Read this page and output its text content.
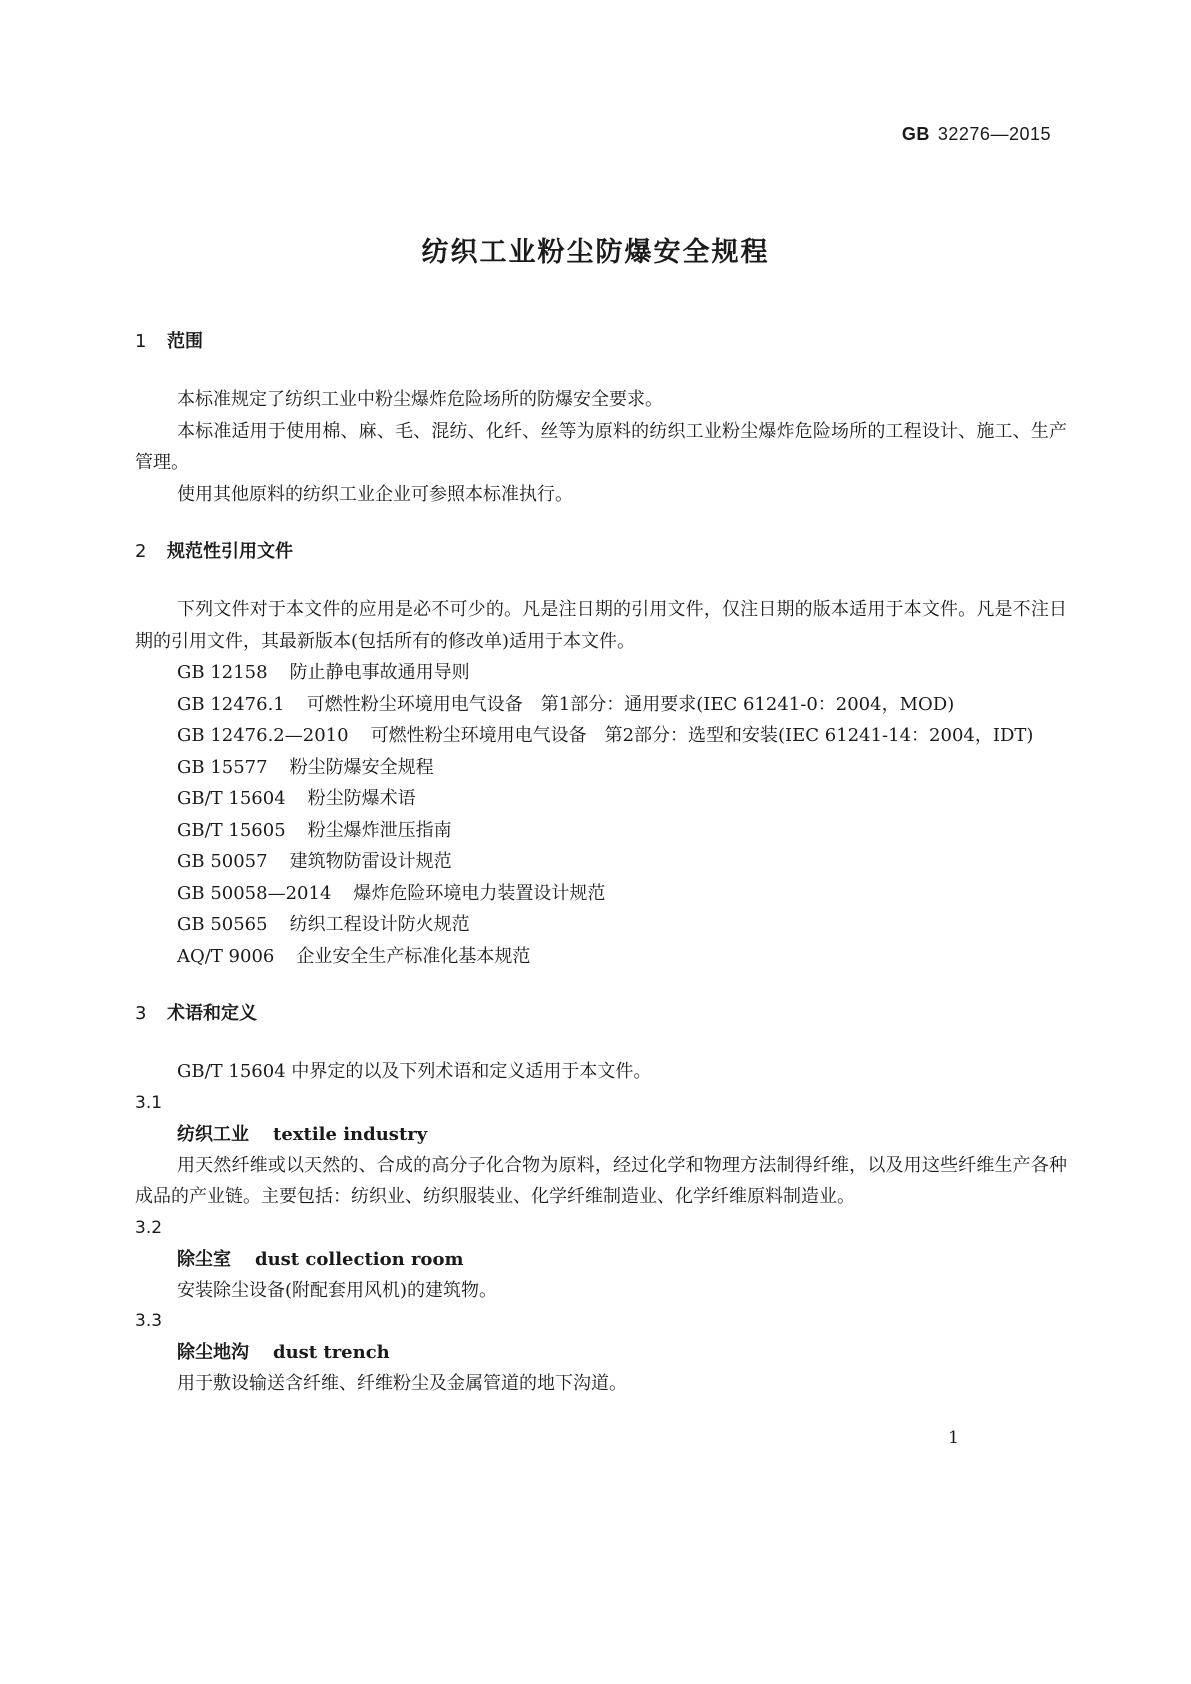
GB 32276—2015
纺织工业粉尘防爆安全规程
1 范围

本标准规定了纺织工业中粉尘爆炸危险场所的防爆安全要求。

本标准适用于使用棉、麻、毛、混纺、化纤、丝等为原料的纺织工业粉尘爆炸危险场所的工程设计、施工、生产管理。

使用其他原料的纺织工业企业可参照本标准执行。

2 规范性引用文件

下列文件对于本文件的应用是必不可少的。凡是注日期的引用文件，仅注日期的版本适用于本文件。凡是不注日期的引用文件，其最新版本(包括所有的修改单)适用于本文件。

GB 12158 防止静电事故通用导则

GB 12476.1 可燃性粉尘环境用电气设备　第1部分：通用要求(IEC 61241-0：2004，MOD)

GB 12476.2—2010 可燃性粉尘环境用电气设备　第2部分：选型和安装(IEC 61241-14：2004，IDT)

GB 15577 粉尘防爆安全规程

GB/T 15604 粉尘防爆术语

GB/T 15605 粉尘爆炸泄压指南

GB 50057 建筑物防雷设计规范

GB 50058—2014 爆炸危险环境电力装置设计规范

GB 50565 纺织工程设计防火规范

AQ/T 9006 企业安全生产标准化基本规范

3 术语和定义

GB/T 15604 中界定的以及下列术语和定义适用于本文件。

3.1

纺织工业 textile industry

用天然纤维或以天然的、合成的高分子化合物为原料，经过化学和物理方法制得纤维，以及用这些纤维生产各种成品的产业链。主要包括：纺织业、纺织服装业、化学纤维制造业、化学纤维原料制造业。

3.2

除尘室 dust collection room

安装除尘设备(附配套用风机)的建筑物。

3.3

除尘地沟 dust trench

用于敷设输送含纤维、纤维粉尘及金属管道的地下沟道。

1
